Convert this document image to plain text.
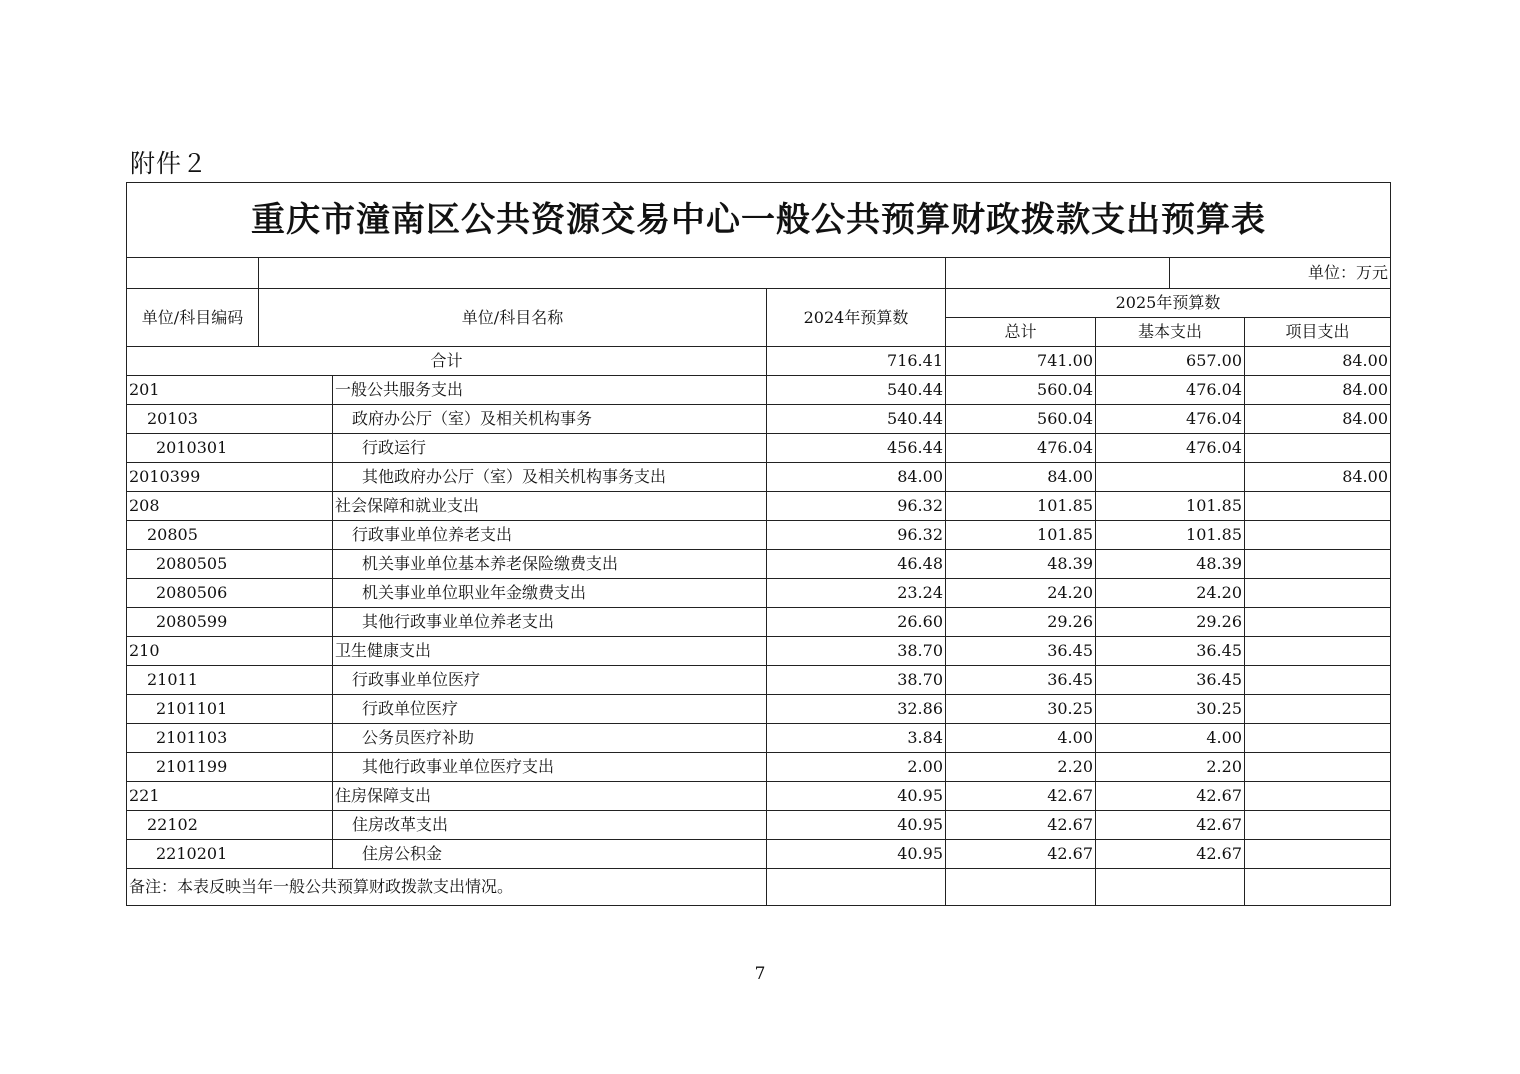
附件２
重庆市潼南区公共资源交易中心一般公共预算财政拨款支出预算表							
						单位：万元	
单位/科目编码	单位/科目名称		2024年预算数	2025年预算数			
				总计	基本支出		项目支出
合计			716.41	741.00	657.00		84.00
201		一般公共服务支出	540.44	560.04	476.04		84.00
20103		政府办公厅（室）及相关机构事务	540.44	560.04	476.04		84.00
2010301		行政运行	456.44	476.04	476.04		
2010399		其他政府办公厅（室）及相关机构事务支出	84.00	84.00			84.00
208		社会保障和就业支出	96.32	101.85	101.85		
20805		行政事业单位养老支出	96.32	101.85	101.85		
2080505		机关事业单位基本养老保险缴费支出	46.48	48.39	48.39		
2080506		机关事业单位职业年金缴费支出	23.24	24.20	24.20		
2080599		其他行政事业单位养老支出	26.60	29.26	29.26		
210		卫生健康支出	38.70	36.45	36.45		
21011		行政事业单位医疗	38.70	36.45	36.45		
2101101		行政单位医疗	32.86	30.25	30.25		
2101103		公务员医疗补助	3.84	4.00	4.00		
2101199		其他行政事业单位医疗支出	2.00	2.20	2.20		
221		住房保障支出	40.95	42.67	42.67		
22102		住房改革支出	40.95	42.67	42.67		
2210201		住房公积金	40.95	42.67	42.67		
备注：本表反映当年一般公共预算财政拨款支出情况。							
7
